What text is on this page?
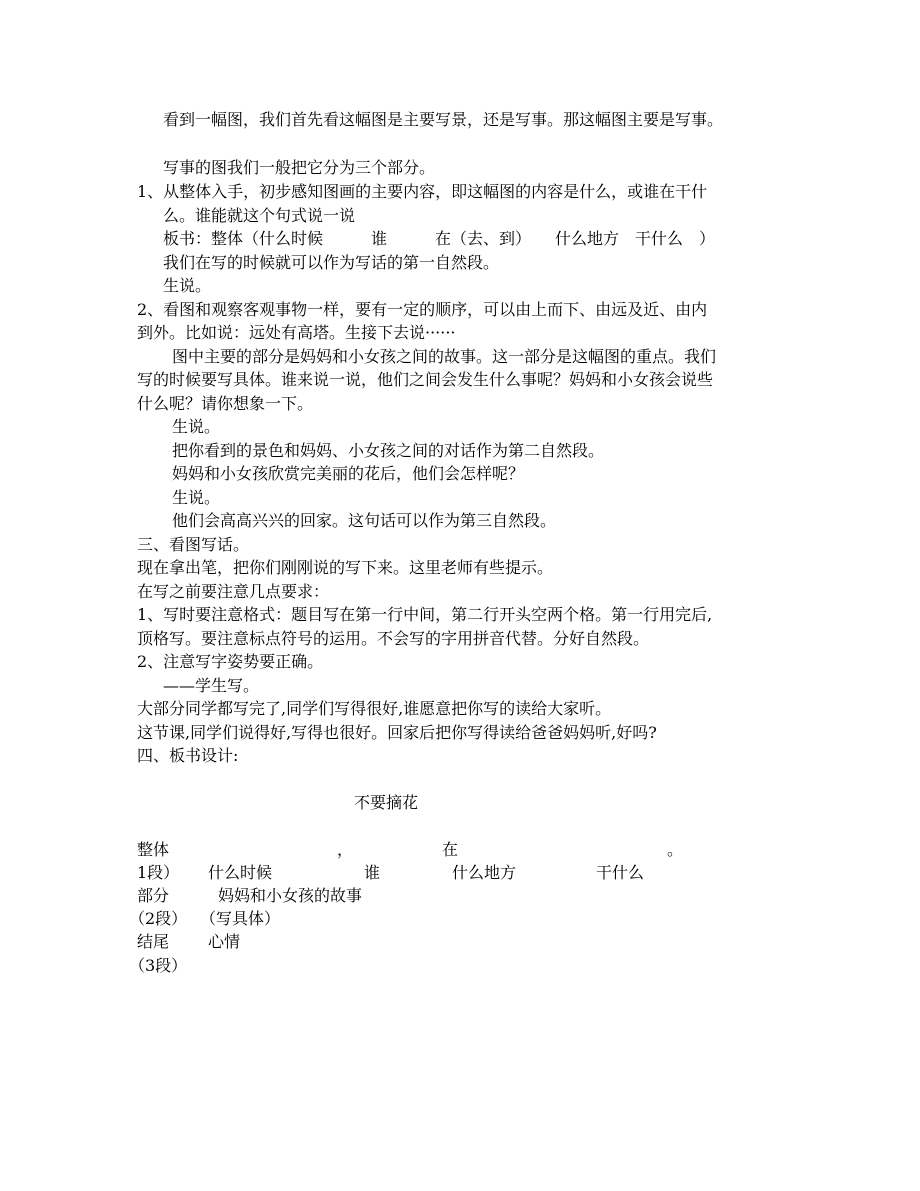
看到一幅图，我们首先看这幅图是主要写景，还是写事。那这幅图主要是写事。

写事的图我们一般把它分为三个部分。

1、从整体入手，初步感知图画的主要内容，即这幅图的内容是什么，或谁在干什

么。谁能就这个句式说一说

板书：整体（什么时候　　　谁　　　在（去、到）　　什么地方　干什么　）

我们在写的时候就可以作为写话的第一自然段。

生说。

2、看图和观察客观事物一样，要有一定的顺序，可以由上而下、由远及近、由内

到外。比如说：远处有高塔。生接下去说······

图中主要的部分是妈妈和小女孩之间的故事。这一部分是这幅图的重点。我们

写的时候要写具体。谁来说一说，他们之间会发生什么事呢？妈妈和小女孩会说些

什么呢？请你想象一下。

生说。

把你看到的景色和妈妈、小女孩之间的对话作为第二自然段。

妈妈和小女孩欣赏完美丽的花后，他们会怎样呢？

生说。

他们会高高兴兴的回家。这句话可以作为第三自然段。

三、看图写话。

现在拿出笔，把你们刚刚说的写下来。这里老师有些提示。

在写之前要注意几点要求：

1、写时要注意格式：题目写在第一行中间，第二行开头空两个格。第一行用完后,

顶格写。要注意标点符号的运用。不会写的字用拼音代替。分好自然段。

2、注意写字姿势要正确。

——学生写。

大部分同学都写完了,同学们写得很好,谁愿意把你写的读给大家听。

这节课,同学们说得好,写得也很好。回家后把你写得读给爸爸妈妈听,好吗?

四、板书设计:

不要摘花

整体	，	在	。
1段） 什么时候	谁	什么地方	干什么
部分	妈妈和小女孩的故事
（2段） （写具体）
结尾 心情
（3段）
